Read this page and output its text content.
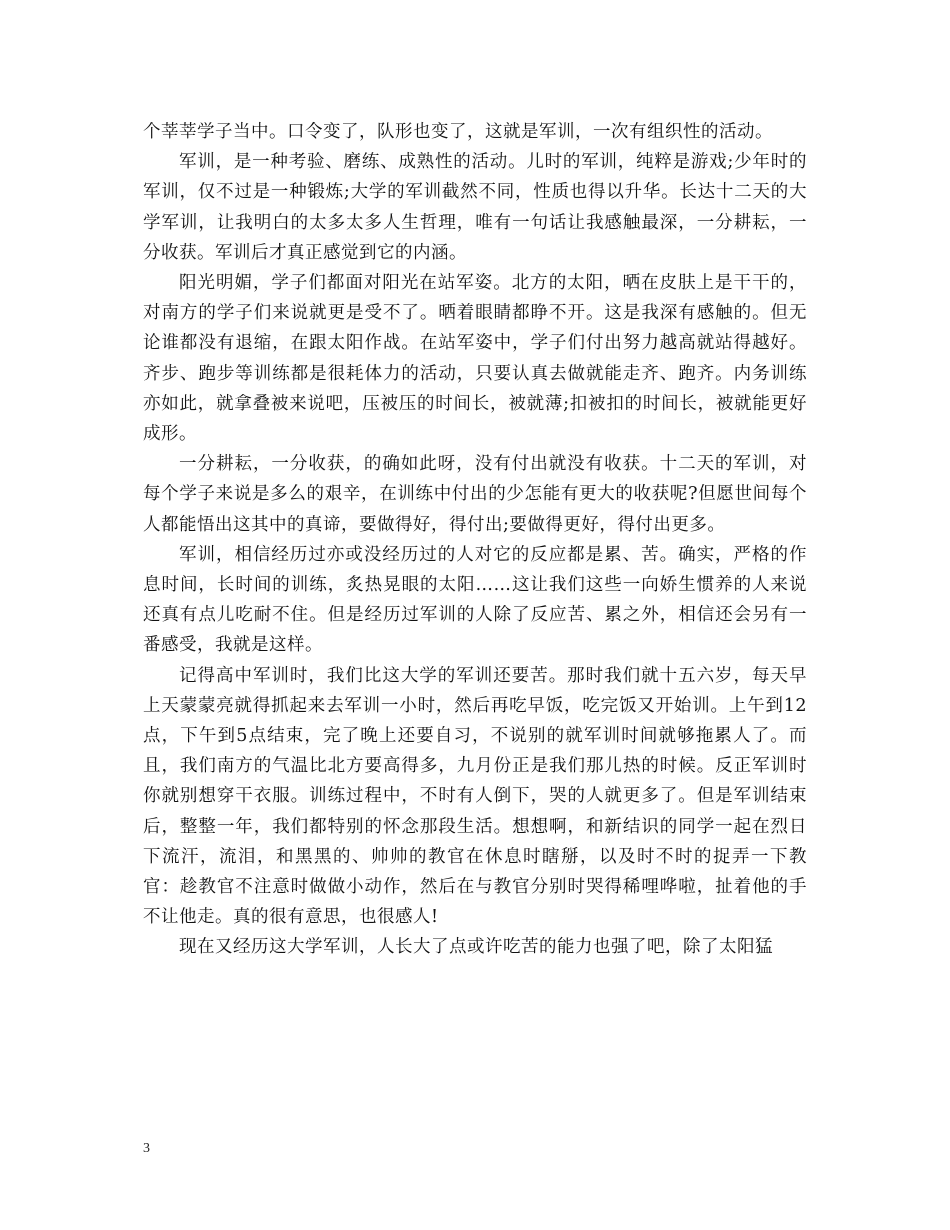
个莘莘学子当中。口令变了，队形也变了，这就是军训，一次有组织性的活动。

军训，是一种考验、磨练、成熟性的活动。儿时的军训，纯粹是游戏;少年时的军训，仅不过是一种锻炼;大学的军训截然不同，性质也得以升华。长达十二天的大学军训，让我明白的太多太多人生哲理，唯有一句话让我感触最深，一分耕耘，一分收获。军训后才真正感觉到它的内涵。

阳光明媚，学子们都面对阳光在站军姿。北方的太阳，晒在皮肤上是干干的，对南方的学子们来说就更是受不了。晒着眼睛都睁不开。这是我深有感触的。但无论谁都没有退缩，在跟太阳作战。在站军姿中，学子们付出努力越高就站得越好。齐步、跑步等训练都是很耗体力的活动，只要认真去做就能走齐、跑齐。内务训练亦如此，就拿叠被来说吧，压被压的时间长，被就薄;扣被扣的时间长，被就能更好成形。

一分耕耘，一分收获，的确如此呀，没有付出就没有收获。十二天的军训，对每个学子来说是多么的艰辛，在训练中付出的少怎能有更大的收获呢?但愿世间每个人都能悟出这其中的真谛，要做得好，得付出;要做得更好，得付出更多。

军训，相信经历过亦或没经历过的人对它的反应都是累、苦。确实，严格的作息时间，长时间的训练，炙热晃眼的太阳……这让我们这些一向娇生惯养的人来说还真有点儿吃耐不住。但是经历过军训的人除了反应苦、累之外，相信还会另有一番感受，我就是这样。

记得高中军训时，我们比这大学的军训还要苦。那时我们就十五六岁，每天早上天蒙蒙亮就得抓起来去军训一小时，然后再吃早饭，吃完饭又开始训。上午到12点，下午到5点结束，完了晚上还要自习，不说别的就军训时间就够拖累人了。而且，我们南方的气温比北方要高得多，九月份正是我们那儿热的时候。反正军训时你就别想穿干衣服。训练过程中，不时有人倒下，哭的人就更多了。但是军训结束后，整整一年，我们都特别的怀念那段生活。想想啊，和新结识的同学一起在烈日下流汗，流泪，和黑黑的、帅帅的教官在休息时瞎掰，以及时不时的捉弄一下教官：趁教官不注意时做做小动作，然后在与教官分别时哭得稀哩哗啦，扯着他的手不让他走。真的很有意思，也很感人!

现在又经历这大学军训，人长大了点或许吃苦的能力也强了吧，除了太阳猛

3
